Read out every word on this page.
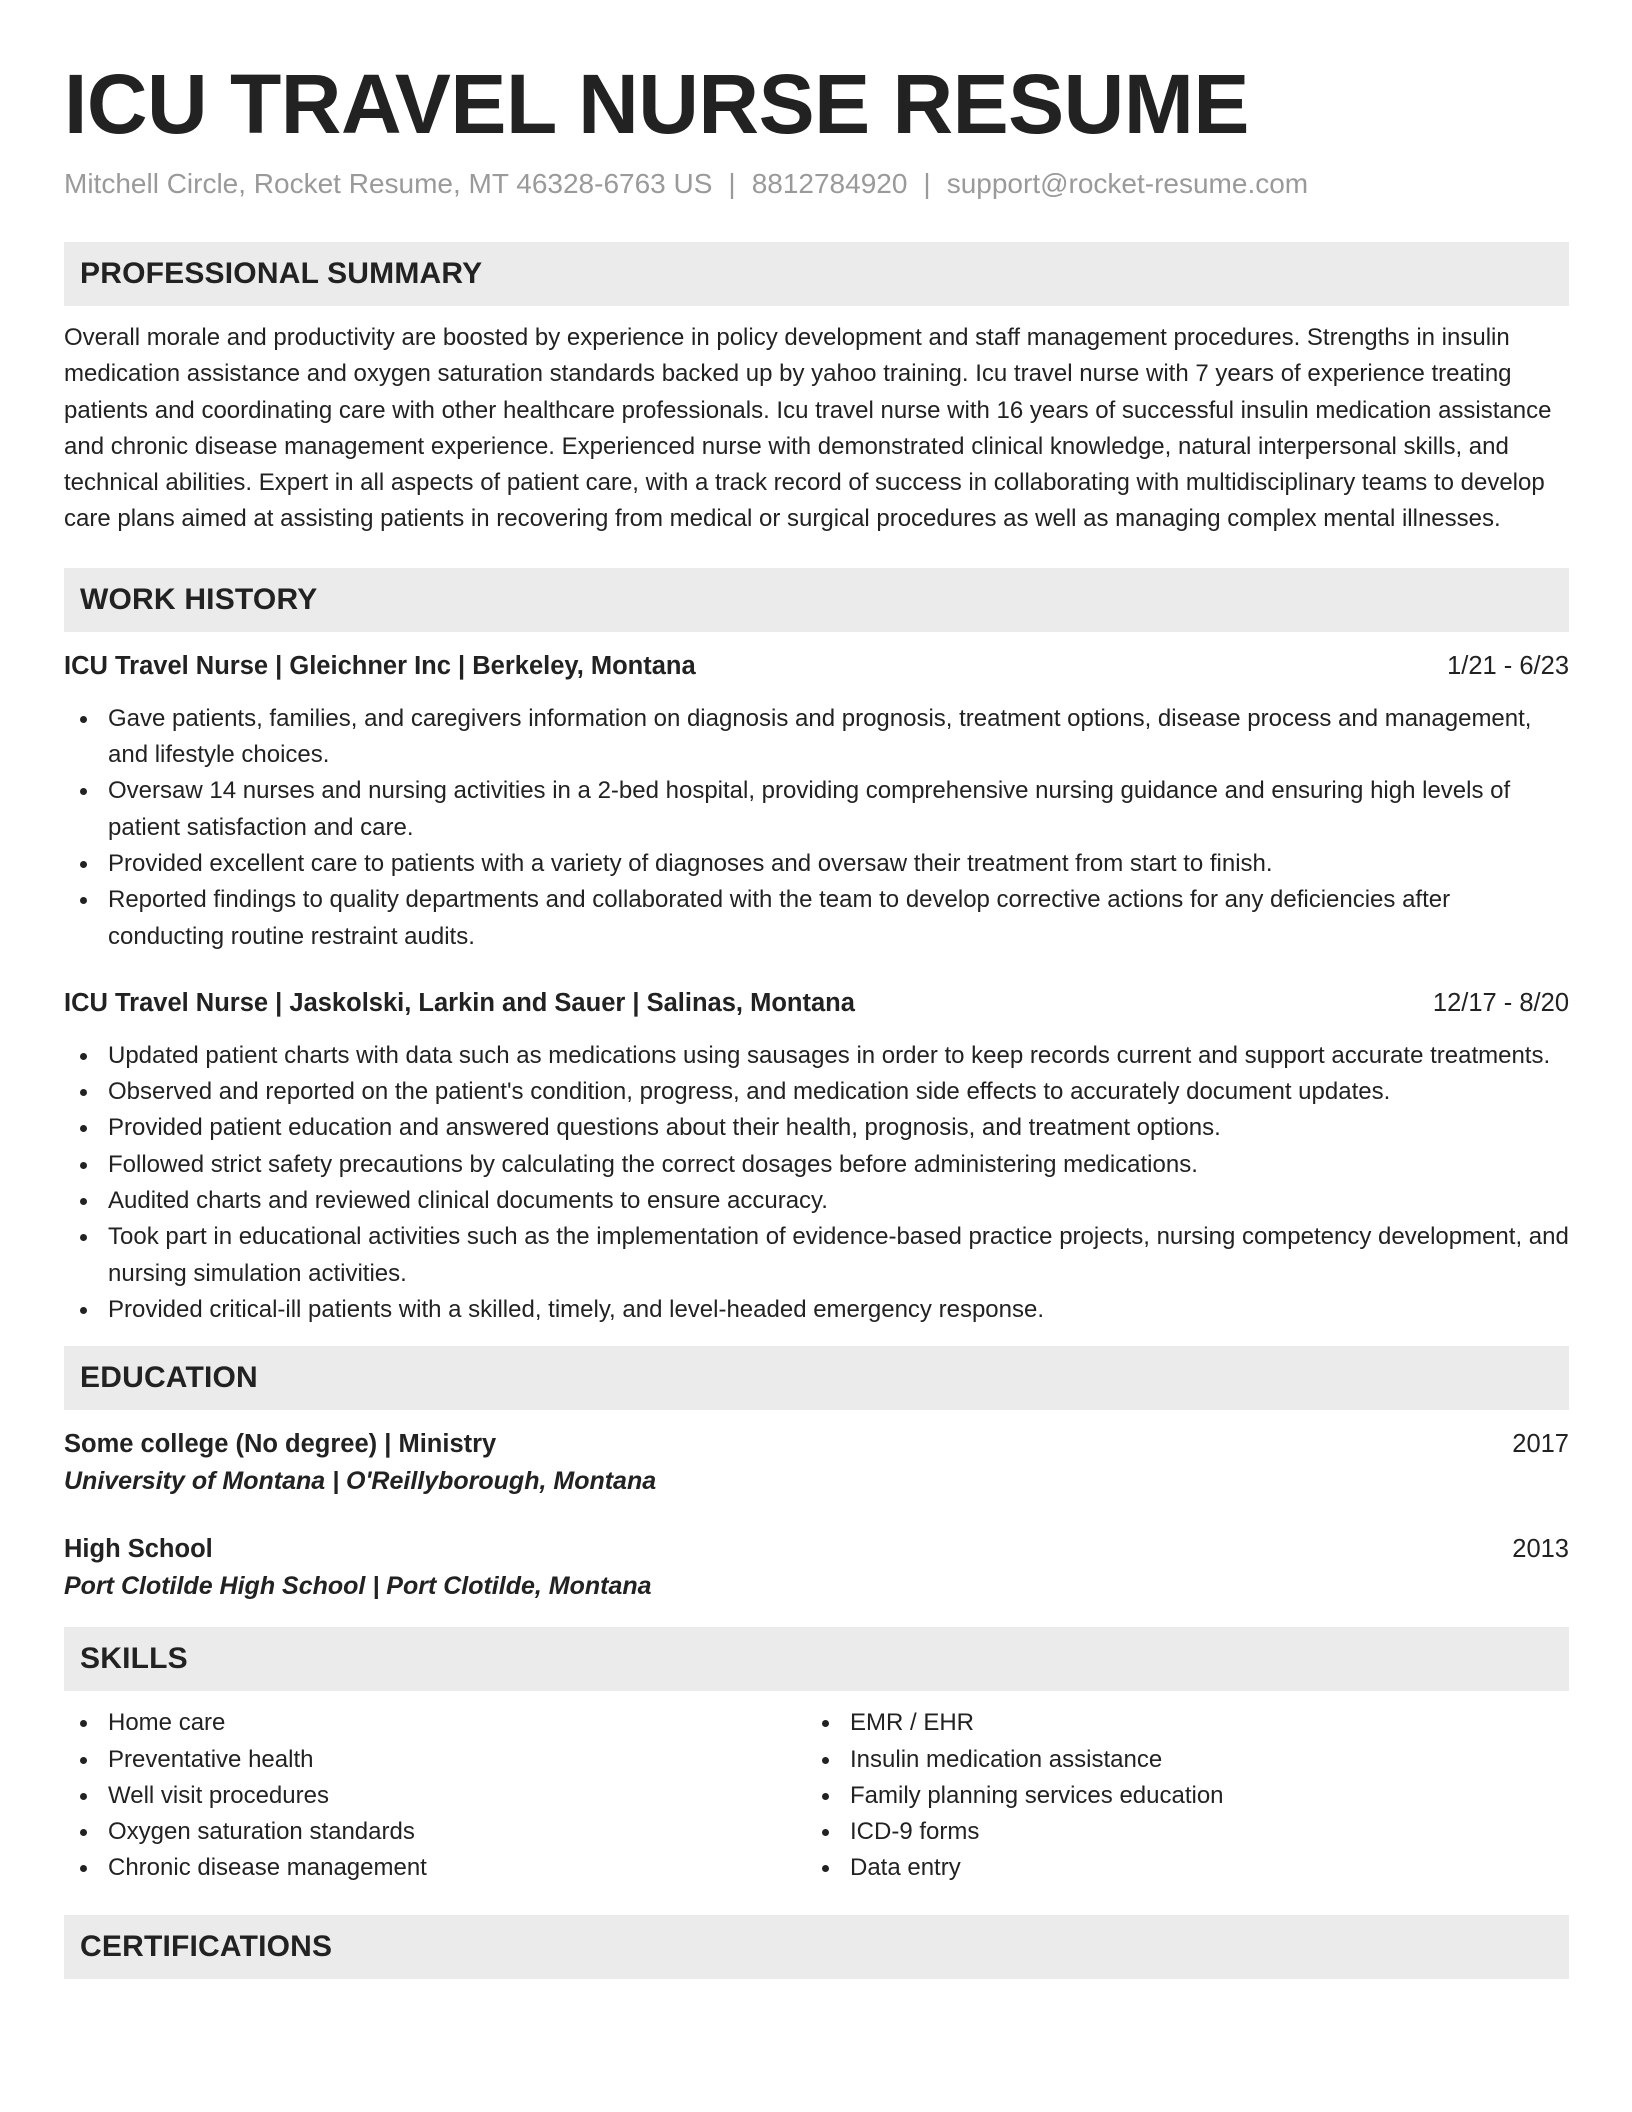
ICU TRAVEL NURSE RESUME
Mitchell Circle, Rocket Resume, MT 46328-6763 US | 8812784920 | support@rocket-resume.com
PROFESSIONAL SUMMARY

Overall morale and productivity are boosted by experience in policy development and staff management procedures. Strengths in insulin medication assistance and oxygen saturation standards backed up by yahoo training. Icu travel nurse with 7 years of experience treating patients and coordinating care with other healthcare professionals. Icu travel nurse with 16 years of successful insulin medication assistance and chronic disease management experience. Experienced nurse with demonstrated clinical knowledge, natural interpersonal skills, and technical abilities. Expert in all aspects of patient care, with a track record of success in collaborating with multidisciplinary teams to develop care plans aimed at assisting patients in recovering from medical or surgical procedures as well as managing complex mental illnesses.

WORK HISTORY
ICU Travel Nurse | Gleichner Inc | Berkeley, Montana	1/21 - 6/23
Gave patients, families, and caregivers information on diagnosis and prognosis, treatment options, disease process and management, and lifestyle choices.
Oversaw 14 nurses and nursing activities in a 2-bed hospital, providing comprehensive nursing guidance and ensuring high levels of patient satisfaction and care.
Provided excellent care to patients with a variety of diagnoses and oversaw their treatment from start to finish.
Reported findings to quality departments and collaborated with the team to develop corrective actions for any deficiencies after conducting routine restraint audits.
ICU Travel Nurse | Jaskolski, Larkin and Sauer | Salinas, Montana	12/17 - 8/20
Updated patient charts with data such as medications using sausages in order to keep records current and support accurate treatments.
Observed and reported on the patient's condition, progress, and medication side effects to accurately document updates.
Provided patient education and answered questions about their health, prognosis, and treatment options.
Followed strict safety precautions by calculating the correct dosages before administering medications.
Audited charts and reviewed clinical documents to ensure accuracy.
Took part in educational activities such as the implementation of evidence-based practice projects, nursing competency development, and nursing simulation activities.
Provided critical-ill patients with a skilled, timely, and level-headed emergency response.
EDUCATION
Some college (No degree) | Ministry	2017
University of Montana | O'Reillyborough, Montana
High School	2013
Port Clotilde High School | Port Clotilde, Montana
SKILLS
Home care
Preventative health
Well visit procedures
Oxygen saturation standards
Chronic disease management
EMR / EHR
Insulin medication assistance
Family planning services education
ICD-9 forms
Data entry
CERTIFICATIONS
